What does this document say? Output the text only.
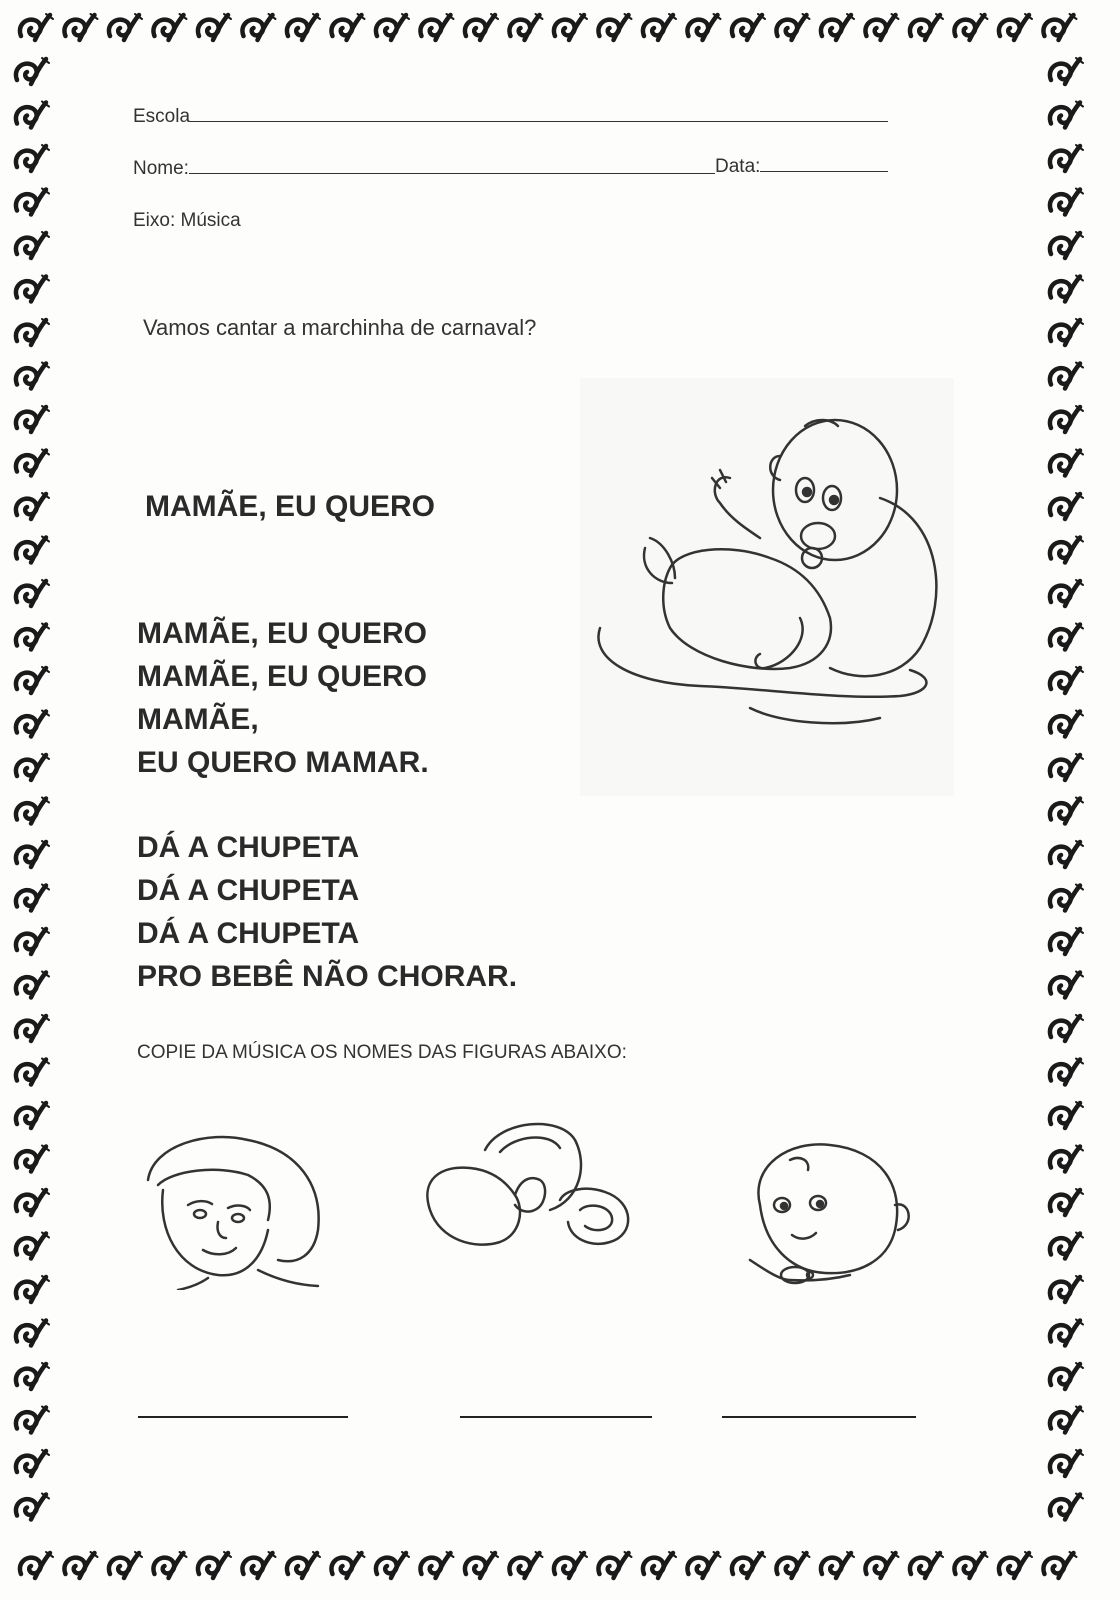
Escola
Nome:	Data:
Eixo: Música
Vamos cantar a marchinha de carnaval?
MAMÃE, EU QUERO
MAMÃE, EU QUERO
MAMÃE, EU QUERO
MAMÃE,
EU QUERO MAMAR.
DÁ A CHUPETA
DÁ A CHUPETA
DÁ A CHUPETA
PRO BEBÊ NÃO CHORAR.
COPIE DA MÚSICA OS NOMES DAS FIGURAS ABAIXO:
